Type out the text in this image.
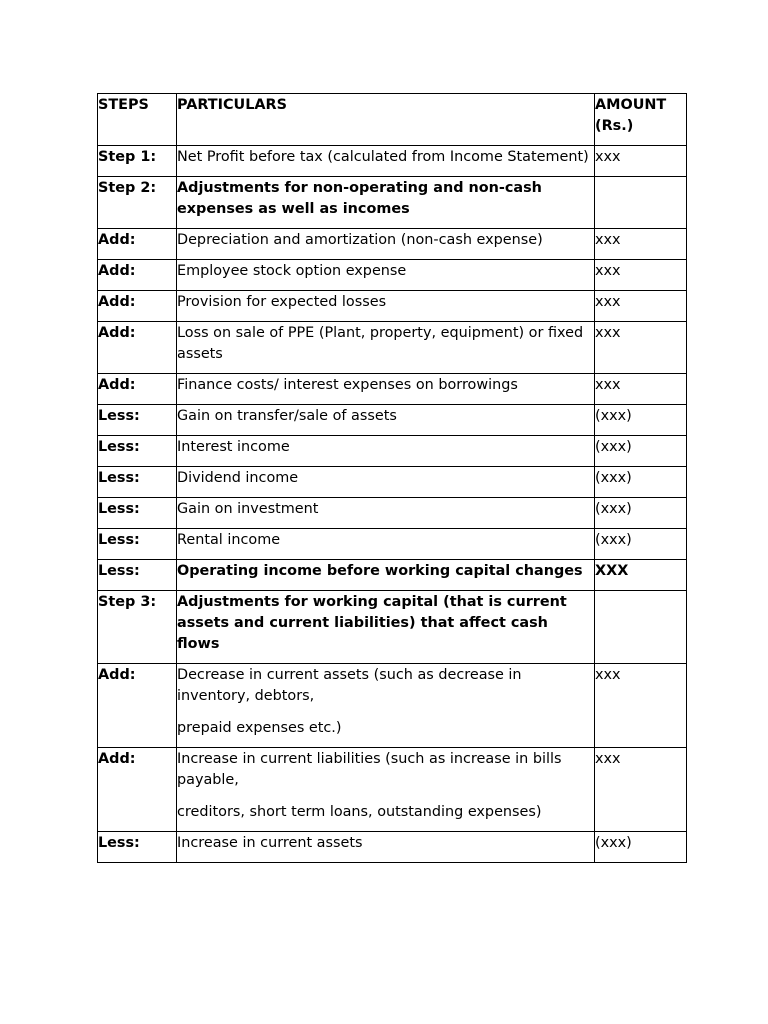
STEPS	PARTICULARS	AMOUNT (Rs.)
Step 1:	Net Profit before tax (calculated from Income Statement)	xxx
Step 2:	Adjustments for non-operating and non-cash expenses as well as incomes	
Add:	Depreciation and amortization (non-cash expense)	xxx
Add:	Employee stock option expense	xxx
Add:	Provision for expected losses	xxx
Add:	Loss on sale of PPE (Plant, property, equipment) or fixed assets	xxx
Add:	Finance costs/ interest expenses on borrowings	xxx
Less:	Gain on transfer/sale of assets	(xxx)
Less:	Interest income	(xxx)
Less:	Dividend income	(xxx)
Less:	Gain on investment	(xxx)
Less:	Rental income	(xxx)
Less:	Operating income before working capital changes	XXX
Step 3:	Adjustments for working capital (that is current assets and current liabilities) that affect cash flows	
Add:	Decrease in current assets (such as decrease in inventory, debtors,
prepaid expenses etc.)	xxx
Add:	Increase in current liabilities (such as increase in bills payable,
creditors, short term loans, outstanding expenses)	xxx
Less:	Increase in current assets	(xxx)
